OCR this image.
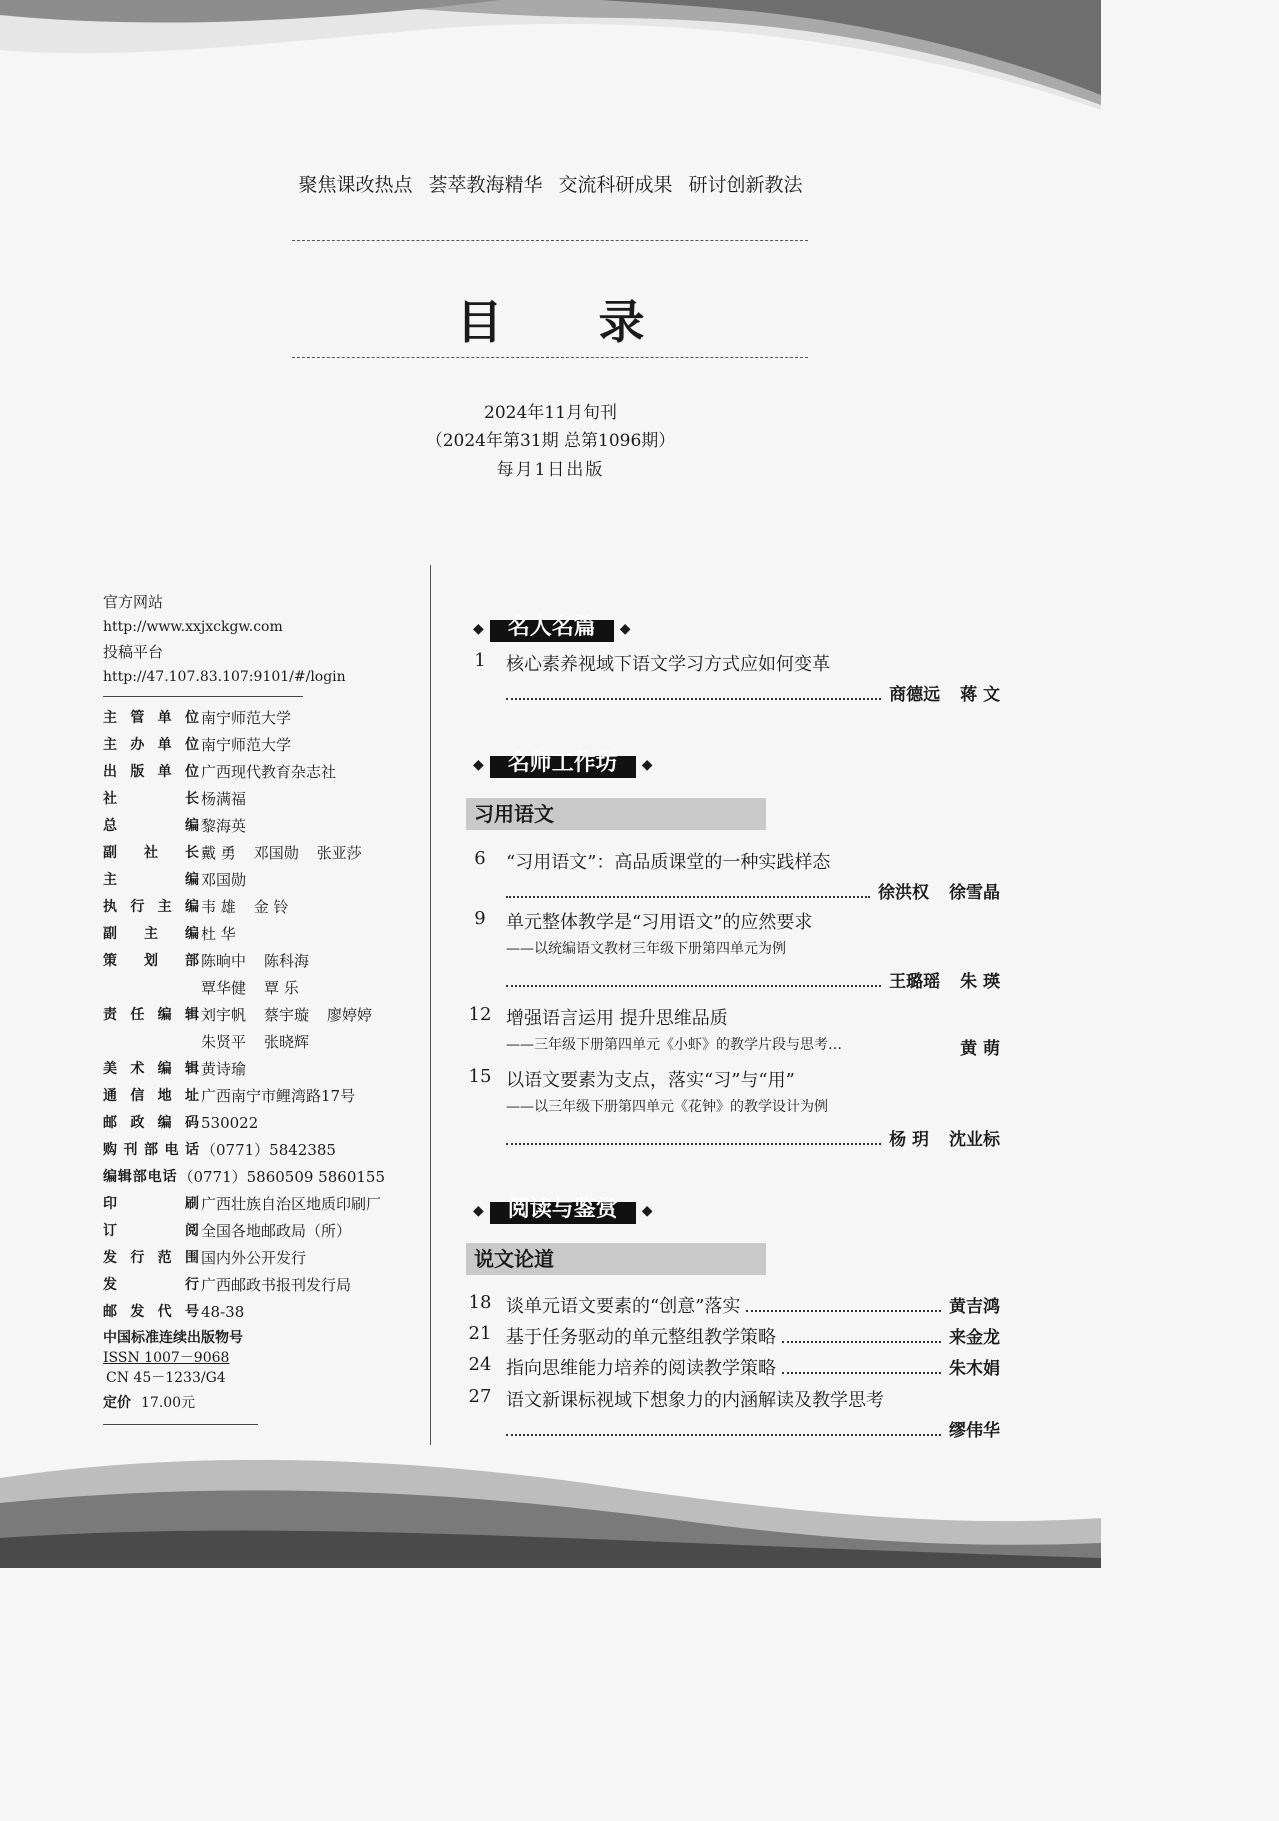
聚焦课改热点 荟萃教海精华 交流科研成果 研讨创新教法
目 录
2024年11月旬刊
（2024年第31期 总第1096期）
每月1日出版
官方网站
http://www.xxjxckgw.com
投稿平台
http://47.107.83.107:9101/#/login
主 管 单 位 南宁师范大学
主 办 单 位 南宁师范大学
出 版 单 位 广西现代教育杂志社
社	长 杨满福
总	编 黎海英
副 社 长 戴 勇 邓国勋 张亚莎
主	编 邓国勋
执 行 主 编 韦 雄 金 铃
副 主 编 杜 华
策 划 部 陈晌中 陈科海
覃华健 覃 乐
责 任 编 辑 刘宇帆 蔡宇璇 廖婷婷
朱贤平 张晓辉
美 术 编 辑 黄诗瑜
通 信 地 址 广西南宁市鲤湾路17号
邮 政 编 码 530022
购 刊 部 电 话 （0771）5842385
编 辑 部 电 话 （0771）5860509 5860155
印	刷 广西壮族自治区地质印刷厂
订	阅 全国各地邮政局（所）
发 行 范 围 国内外公开发行
发	行 广西邮政书报刊发行局
邮 发 代 号 48-38
中国标准连续出版物号
ISSN 1007－9068
CN 45－1233/G4
定价 17.00元
◆	名人名篇	◆
◆	名师工作坊	◆
习用语文
◆	阅读与鉴赏	◆
说文论道
1	核心素养视域下语文学习方式应如何变革
商德远 蒋 文
6	“习用语文”：高品质课堂的一种实践样态
徐洪权 徐雪晶
9	单元整体教学是“习用语文”的应然要求
——以统编语文教材三年级下册第四单元为例
王璐瑶 朱 瑛
12 增强语言运用 提升思维品质
——三年级下册第四单元《小虾》的教学片段与思考…	黄 萌
15 以语文要素为支点，落实“习”与“用”
——以三年级下册第四单元《花钟》的教学设计为例
杨 玥 沈业标
18 谈单元语文要素的“创意”落实	黄吉鸿
21 基于任务驱动的单元整组教学策略	来金龙
24 指向思维能力培养的阅读教学策略	朱木娟
27 语文新课标视域下想象力的内涵解读及教学思考
缪伟华
